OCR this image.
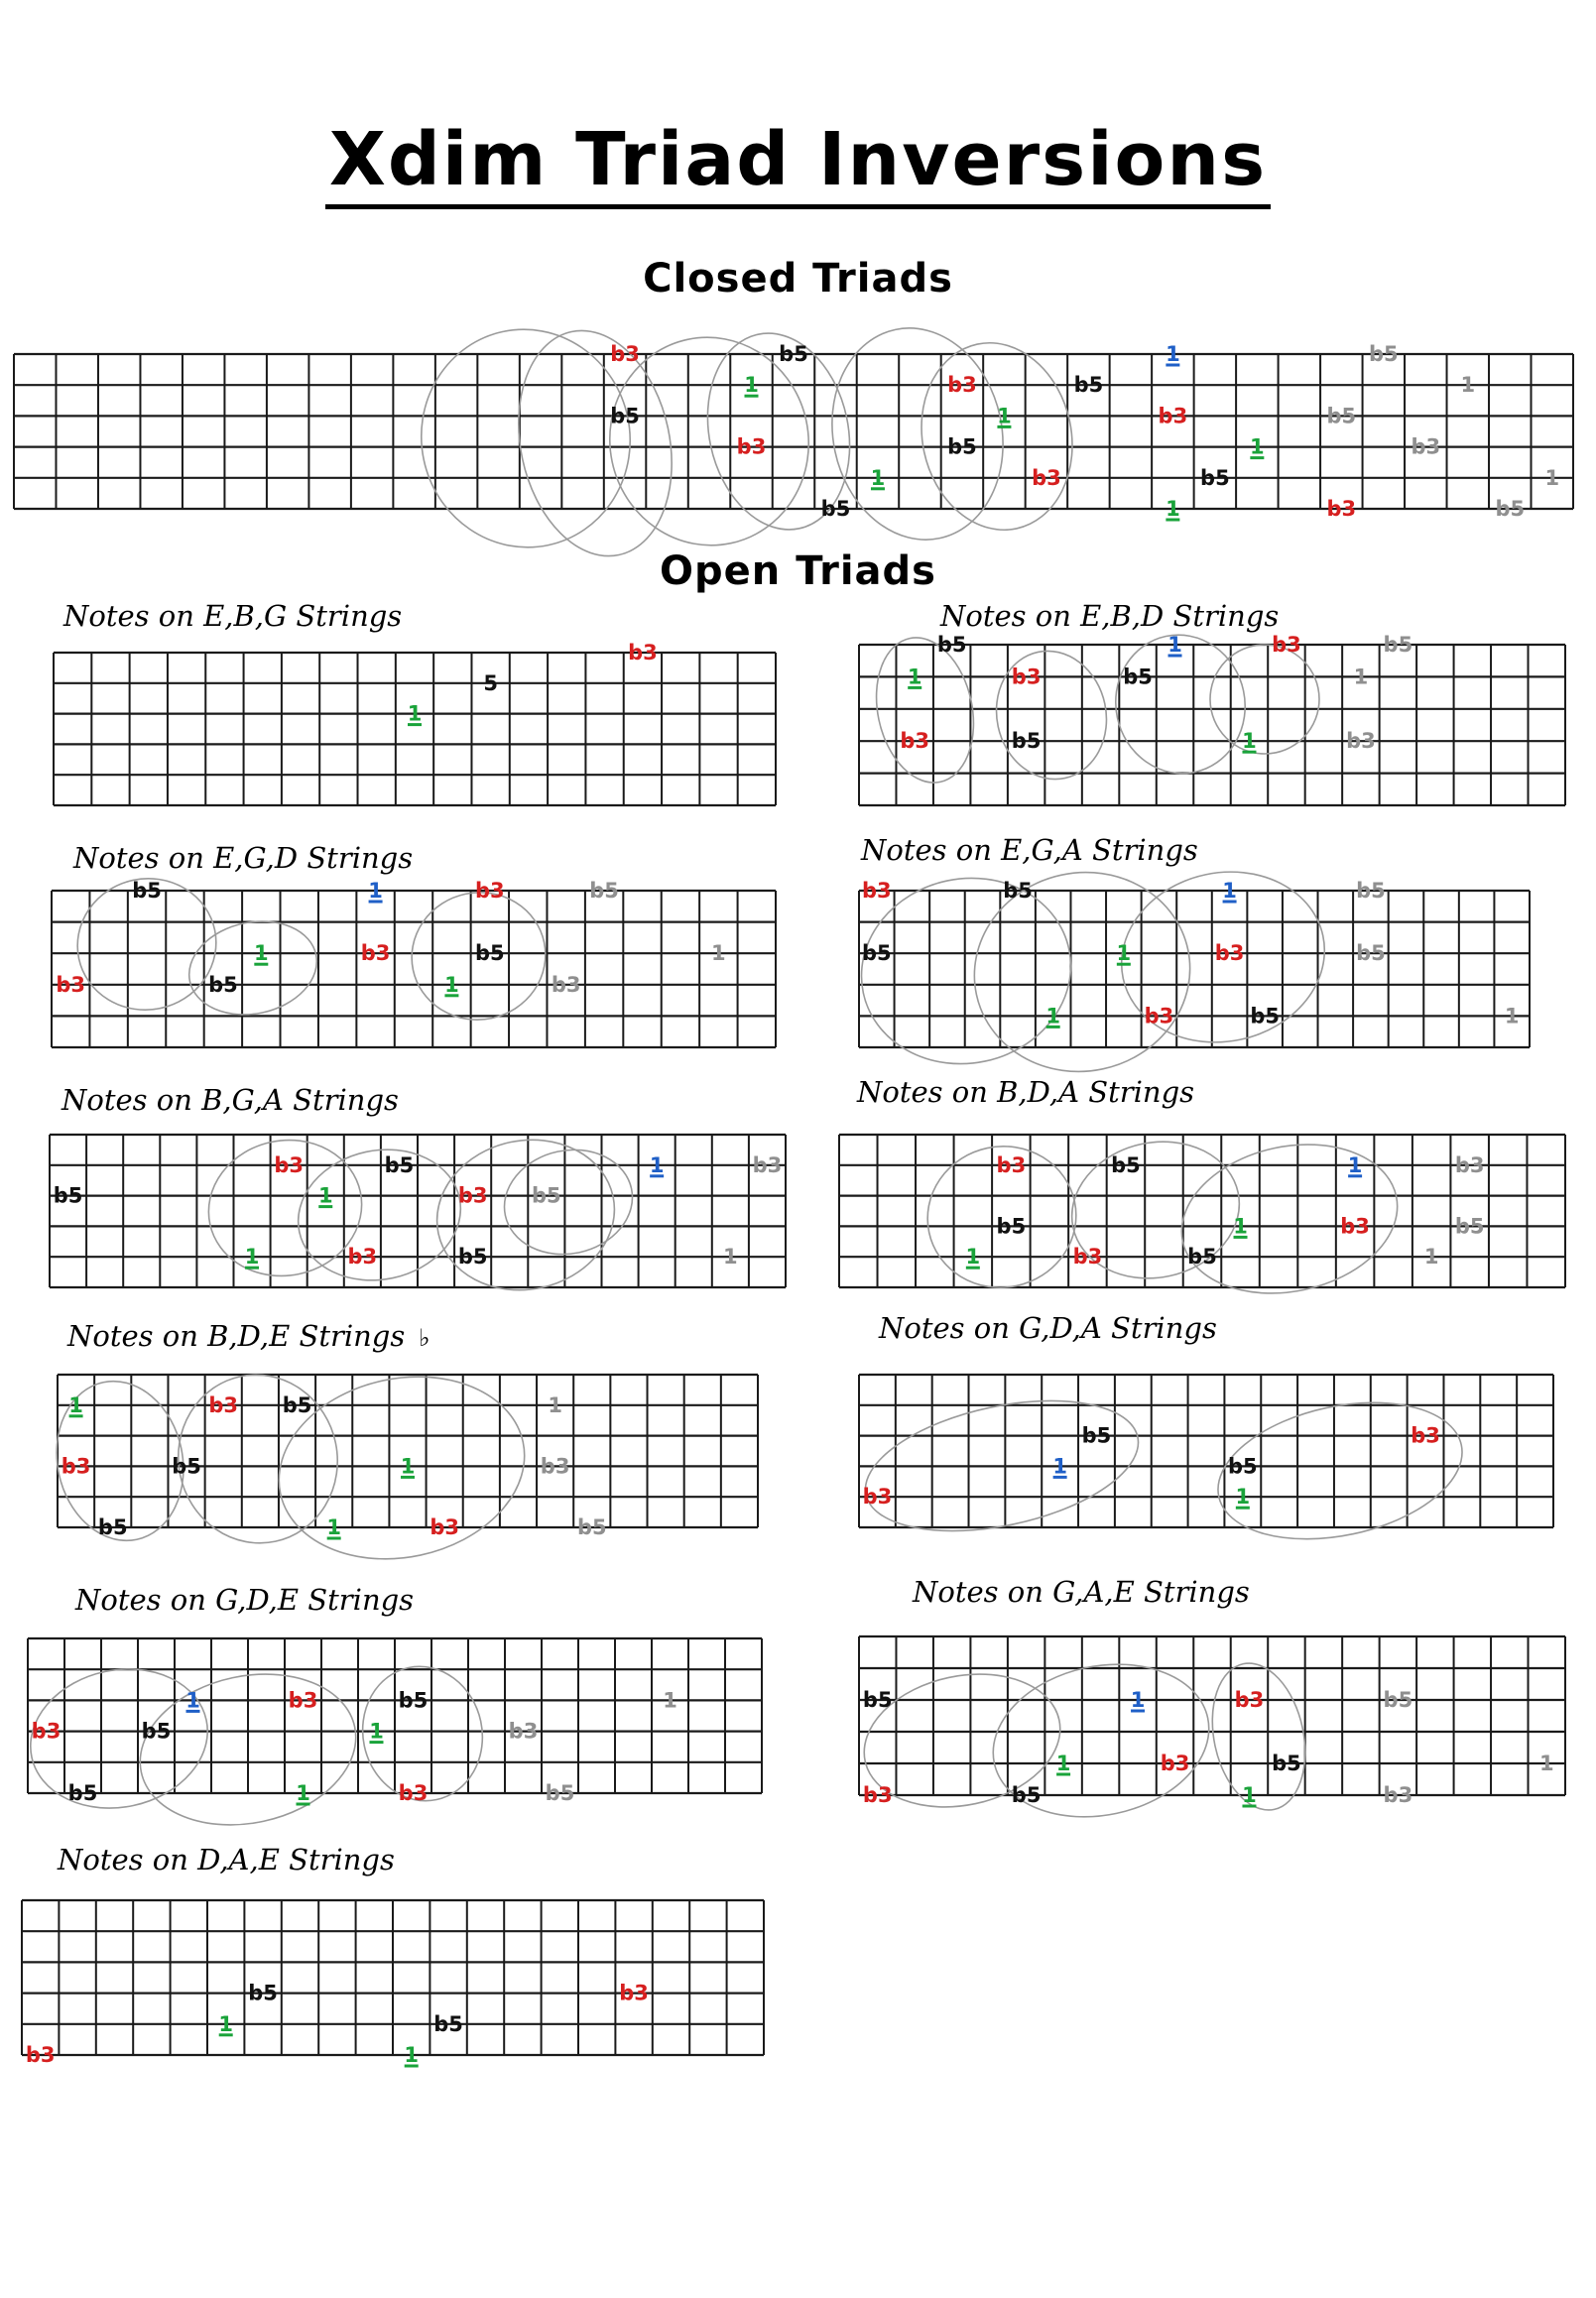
Xdim Triad Inversions
Closed Triads
Open Triads
Notes on E,B,G Strings	Notes on E,B,D Strings
Notes on E,G,D Strings	Notes on E,G,A Strings
Notes on B,G,A Strings	Notes on B,D,A Strings
Notes on B,D,E Strings ♭	Notes on G,D,A Strings
Notes on G,D,E Strings	Notes on G,A,E Strings
Notes on D,A,E Strings
b3	b5	1	b5
1	b3	b5	1
b5	1	b3	b5
b3	b5	1	b3
1	b3	b5	1
b5	1	b3	b5
b3
5
1
b5	1	b3	b5
1	b3	b5	1
b3	b5	1	b3
b5	1	b3	b5
1	b3	b5	1
b3	b5	1	b3
b3	b5	1	b5
b5	1	b3	b5
1	b3	b5	1
b3	b5	1	b3
b5	1	b3 b5
1	b3	b5	1
b3	b5	1	b3
b5	1	b3	b5
1	b3	b5	1
1	b3 b5	1
b3	b5	1	b3
b5	1	b3	b5
b5	b3
1	b5
b3	1
1	b3	b5	1
b3	b5	1	b3
b5	1	b3	b5
b5	1	b3	b5
1	b3	b5	1
b3	b5	1	b3
b5	b3
1	b5
b3	1
